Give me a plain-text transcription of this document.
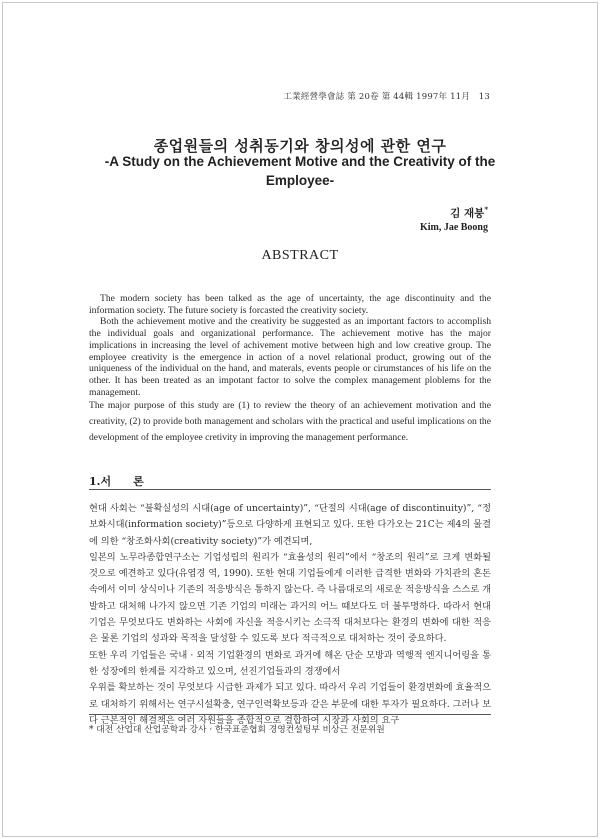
工業經營學會誌 第 20卷 第 44輯 1997年 11月 13
종업원들의 성취동기와 창의성에 관한 연구
-A Study on the Achievement Motive and the Creativity of the
Employee-
김 재붕*
Kim, Jae Boong
ABSTRACT

The modern society has been talked as the age of uncertainty, the age discontinuity and the information society. The future society is forcasted the creativity society.

Both the achievement motive and the creativity be suggested as an important factors to accomplish the individual goals and organizational performance. The achievement motive has the major implications in increasing the level of achivement motive between high and low creative group. The employee creativity is the emergence in action of a novel relational product, growing out of the uniqueness of the individual on the hand, and materals, events people or cirumstances of his life on the other. It has been treated as an impotant factor to solve the complex management ploblems for the management.

The major purpose of this study are (1) to review the theory of an achievement motivation and the creativity, (2) to provide both management and scholars with the practical and useful implications on the development of the employee cretivity in improving the management performance.

1.서 론

현대 사회는 “불확실성의 시대(age of uncertainty)”, “단절의 시대(age of discontinuity)”, “정보화시대(information society)”등으로 다양하게 표현되고 있다. 또한 다가오는 21C는 제4의 물결에 의한 “창조화사회(creativity society)”가 예견되며,

일본의 노무라종합연구소는 기업성립의 원리가 “효율성의 원리”에서 “창조의 원리”로 크게 변화될 것으로 예견하고 있다(유엽경 역, 1990). 또한 현대 기업들에게 이러한 급격한 변화와 가치관의 혼돈속에서 이미 상식이나 기존의 적응방식은 통하지 않는다. 즉 나름대로의 새로운 적응방식을 스스로 개발하고 대처해 나가지 않으면 기존 기업의 미래는 과거의 어느 때보다도 더 불투명하다. 따라서 현대 기업은 무엇보다도 변화하는 사회에 자신을 적응시키는 소극적 대처보다는 환경의 변화에 대한 적응은 물론 기업의 성과와 목적을 달성할 수 있도록 보다 적극적으로 대처하는 것이 중요하다.

또한 우리 기업들은 국내 · 외적 기업환경의 변화로 과거에 해온 단순 모방과 역행적 엔지니어링을 통한 성장에의 한계를 지각하고 있으며, 선진기업들과의 경쟁에서

우위를 확보하는 것이 무엇보다 시급한 과제가 되고 있다. 따라서 우리 기업들이 환경변화에 효율적으로 대처하기 위해서는 연구시설확충, 연구인력확보등과 같은 부문에 대한 투자가 필요하다. 그러나 보다 근본적인 해결책은 여러 자원들을 종합적으로 결합하여 시장과 사회의 요구

* 대전 산업대 산업공학과 강사 · 한국표준협회 경영컨설팅부 비상근 전문위원
